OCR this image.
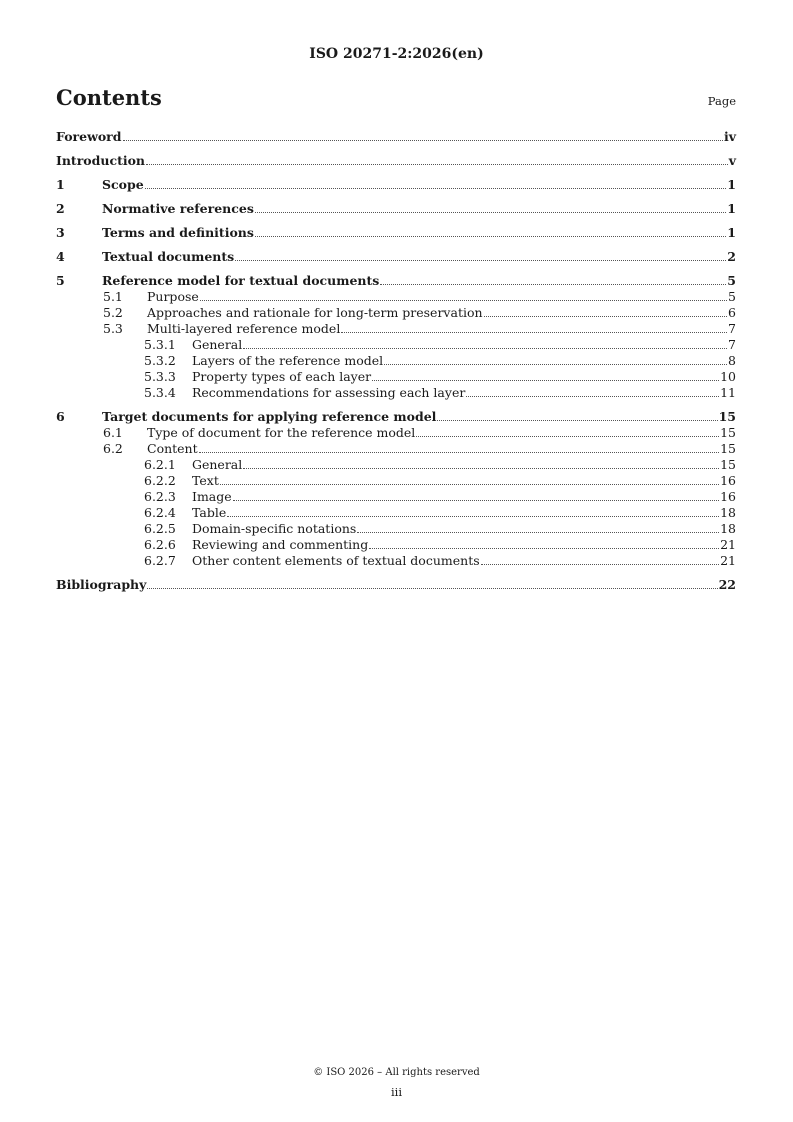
ISO 20271-2:2026(en)
Contents	Page
Foreword	iv
Introduction	v
1	Scope	1
2	Normative references	1
3	Terms and definitions	1
4	Textual documents	2
5	Reference model for textual documents	5
5.1	Purpose	5
5.2	Approaches and rationale for long-term preservation	6
5.3	Multi-layered reference model	7
5.3.1	General	7
5.3.2	Layers of the reference model	8
5.3.3	Property types of each layer	10
5.3.4	Recommendations for assessing each layer	11
6	Target documents for applying reference model	15
6.1	Type of document for the reference model	15
6.2	Content	15
6.2.1	General	15
6.2.2	Text	16
6.2.3	Image	16
6.2.4	Table	18
6.2.5	Domain-specific notations	18
6.2.6	Reviewing and commenting	21
6.2.7	Other content elements of textual documents	21
Bibliography	22
© ISO 2026 – All rights reserved
iii
